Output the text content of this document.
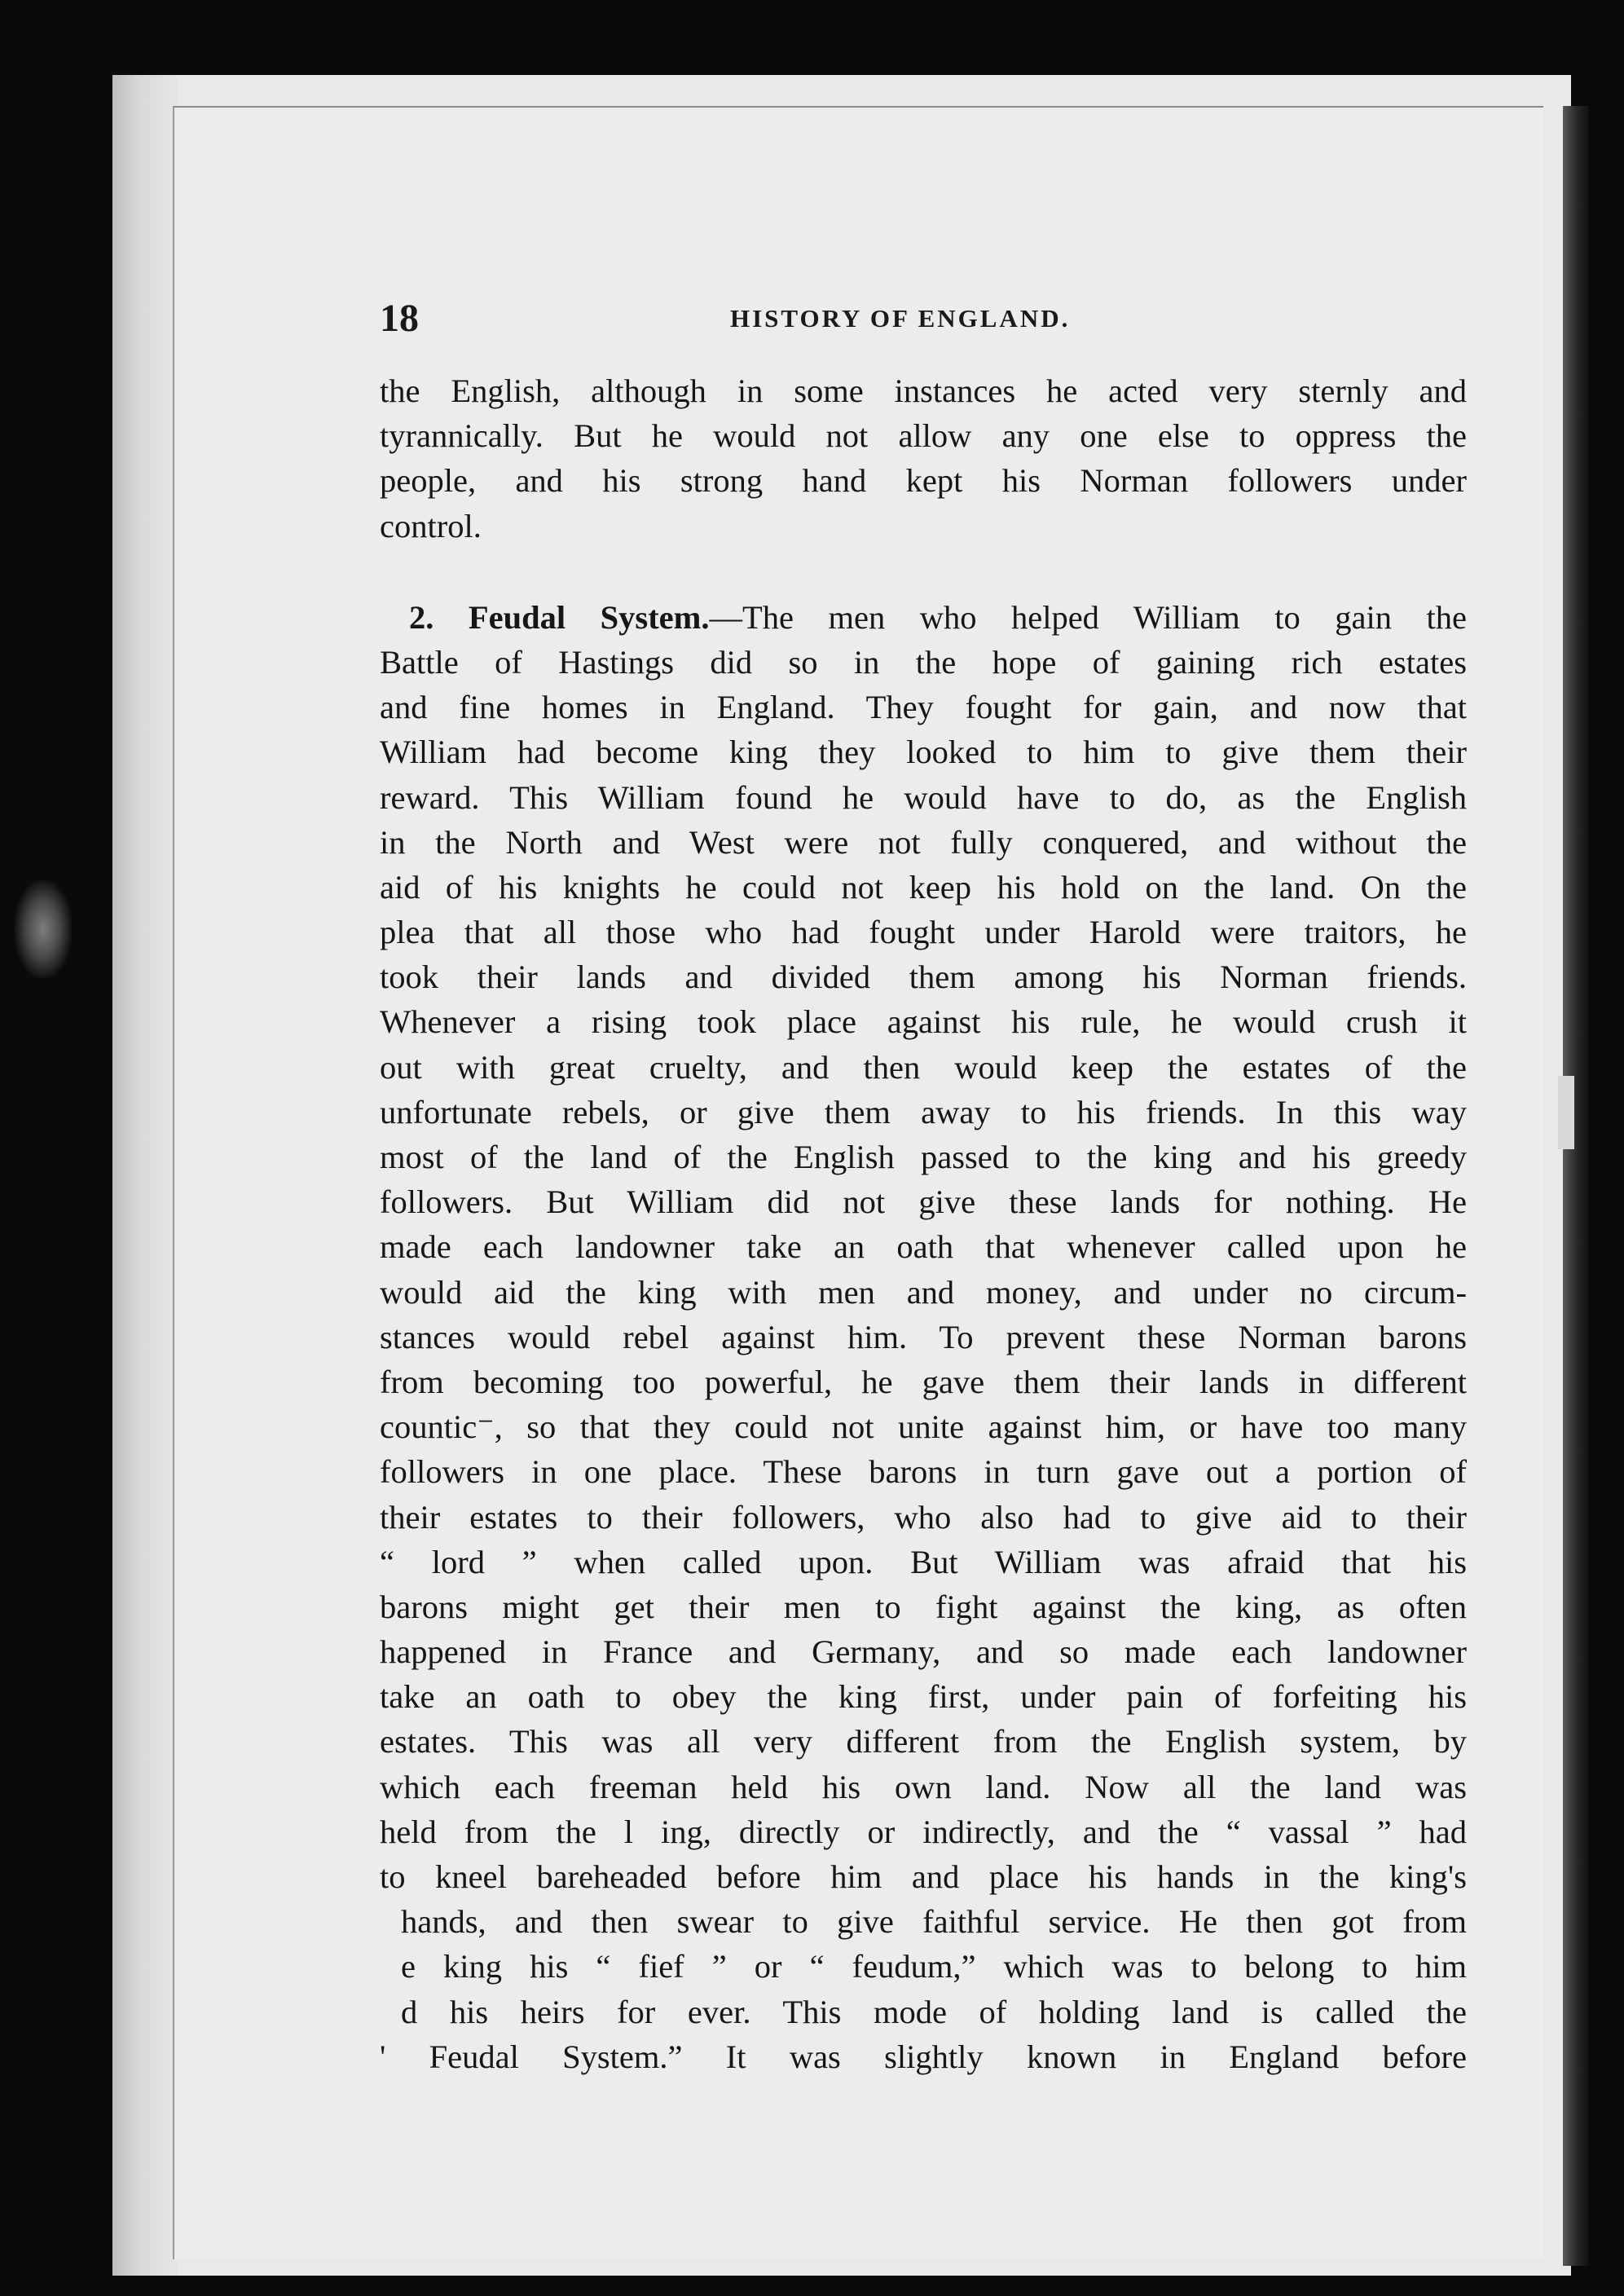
18	HISTORY OF ENGLAND.
the English, although in some instances he acted very sternly and
tyrannically. But he would not allow any one else to oppress the
people, and his strong hand kept his Norman followers under
control.
2. Feudal System.—The men who helped William to gain the
Battle of Hastings did so in the hope of gaining rich estates
and fine homes in England. They fought for gain, and now that
William had become king they looked to him to give them their
reward. This William found he would have to do, as the English
in the North and West were not fully conquered, and without the
aid of his knights he could not keep his hold on the land. On the
plea that all those who had fought under Harold were traitors, he
took their lands and divided them among his Norman friends.
Whenever a rising took place against his rule, he would crush it
out with great cruelty, and then would keep the estates of the
unfortunate rebels, or give them away to his friends. In this way
most of the land of the English passed to the king and his greedy
followers. But William did not give these lands for nothing. He
made each landowner take an oath that whenever called upon he
would aid the king with men and money, and under no circum-
stances would rebel against him. To prevent these Norman barons
from becoming too powerful, he gave them their lands in different
countic⁻, so that they could not unite against him, or have too many
followers in one place. These barons in turn gave out a portion of
their estates to their followers, who also had to give aid to their
“ lord ” when called upon. But William was afraid that his
barons might get their men to fight against the king, as often
happened in France and Germany, and so made each landowner
take an oath to obey the king first, under pain of forfeiting his
estates. This was all very different from the English system, by
which each freeman held his own land. Now all the land was
held from the l ing, directly or indirectly, and the “ vassal ” had
to kneel bareheaded before him and place his hands in the king's
hands, and then swear to give faithful service. He then got from
e king his “ fief ” or “ feudum,” which was to belong to him
d his heirs for ever. This mode of holding land is called the
' Feudal System.” It was slightly known in England before
